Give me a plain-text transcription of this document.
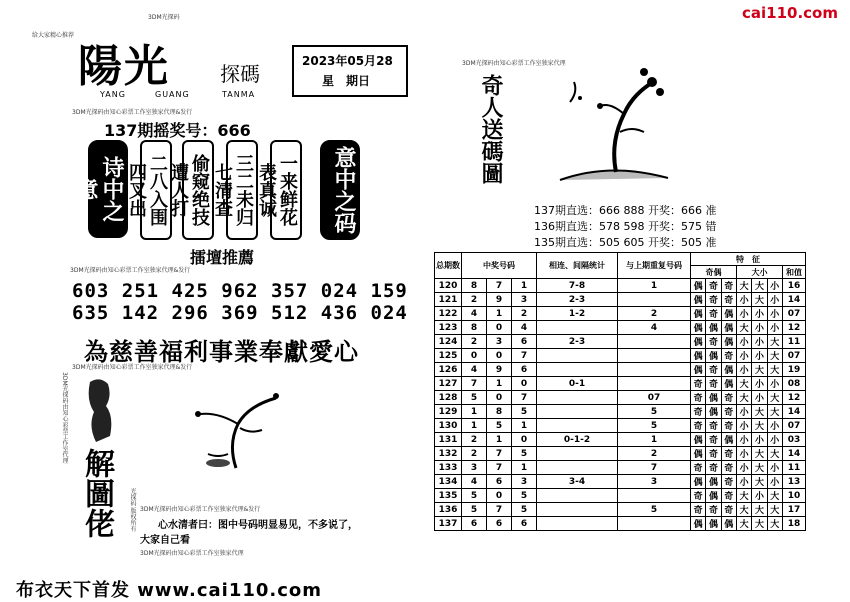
cai110.com
给大家精心推荐
3DM光探码
陽光	探碼
YANG	GUANG	TANMA
2023年05月28
星　期日
3DM光探码由知心彩票工作室独家代理&发行
137期摇奖号：666
诗中之意	二八入围四叉出	偷窥绝技遭人打	三二未归七清查	一来鲜花表真诚	意中之码
擂壇推薦
3DM光探码由知心彩票工作室独家代理&发行
603 251 425 962 357 024 159
635 142 296 369 512 436 024
為慈善福利事業奉獻愛心
3DM光探码由知心彩票工作室独家代理&发行
3DM光探码由知心彩票工作室代理
解圖佬	光探码 版权所有 3DM光探码由知心彩票工作室独家代理&发行
心水清者曰：图中号码明显易见，不多说了，
大家自己看
3DM光探码由知心彩票工作室独家代理
3DM光探码由知心彩票工作室独家代理
奇人送碼圖
137期直选：666 888 开奖：666 准
136期直选：578 598 开奖：575 错
135期直选：505 605 开奖：505 准
总期数	中奖号码			相连、间隔统计	与上期重复号码	特　征						
						奇偶			大小			和值
120	8	7	1	7-8	1	偶	奇	奇	大	大	小	16
121	2	9	3	2-3		偶	奇	奇	小	大	小	14
122	4	1	2	1-2	2	偶	奇	偶	小	小	小	07
123	8	0	4		4	偶	偶	偶	大	小	小	12
124	2	3	6	2-3		偶	奇	偶	小	小	大	11
125	0	0	7			偶	偶	奇	小	小	大	07
126	4	9	6			偶	奇	偶	小	大	大	19
127	7	1	0	0-1		奇	奇	偶	大	小	小	08
128	5	0	7		07	奇	偶	奇	大	小	大	12
129	1	8	5		5	奇	偶	奇	小	大	大	14
130	1	5	1		5	奇	奇	奇	小	大	小	07
131	2	1	0	0-1-2	1	偶	奇	偶	小	小	小	03
132	2	7	5		2	偶	奇	奇	小	大	大	14
133	3	7	1		7	奇	奇	奇	小	大	小	11
134	4	6	3	3-4	3	偶	偶	奇	小	大	小	13
135	5	0	5			奇	偶	奇	大	小	大	10
136	5	7	5		5	奇	奇	奇	大	大	大	17
137	6	6	6			偶	偶	偶	大	大	大	18
布衣天下首发 www.cai110.com
